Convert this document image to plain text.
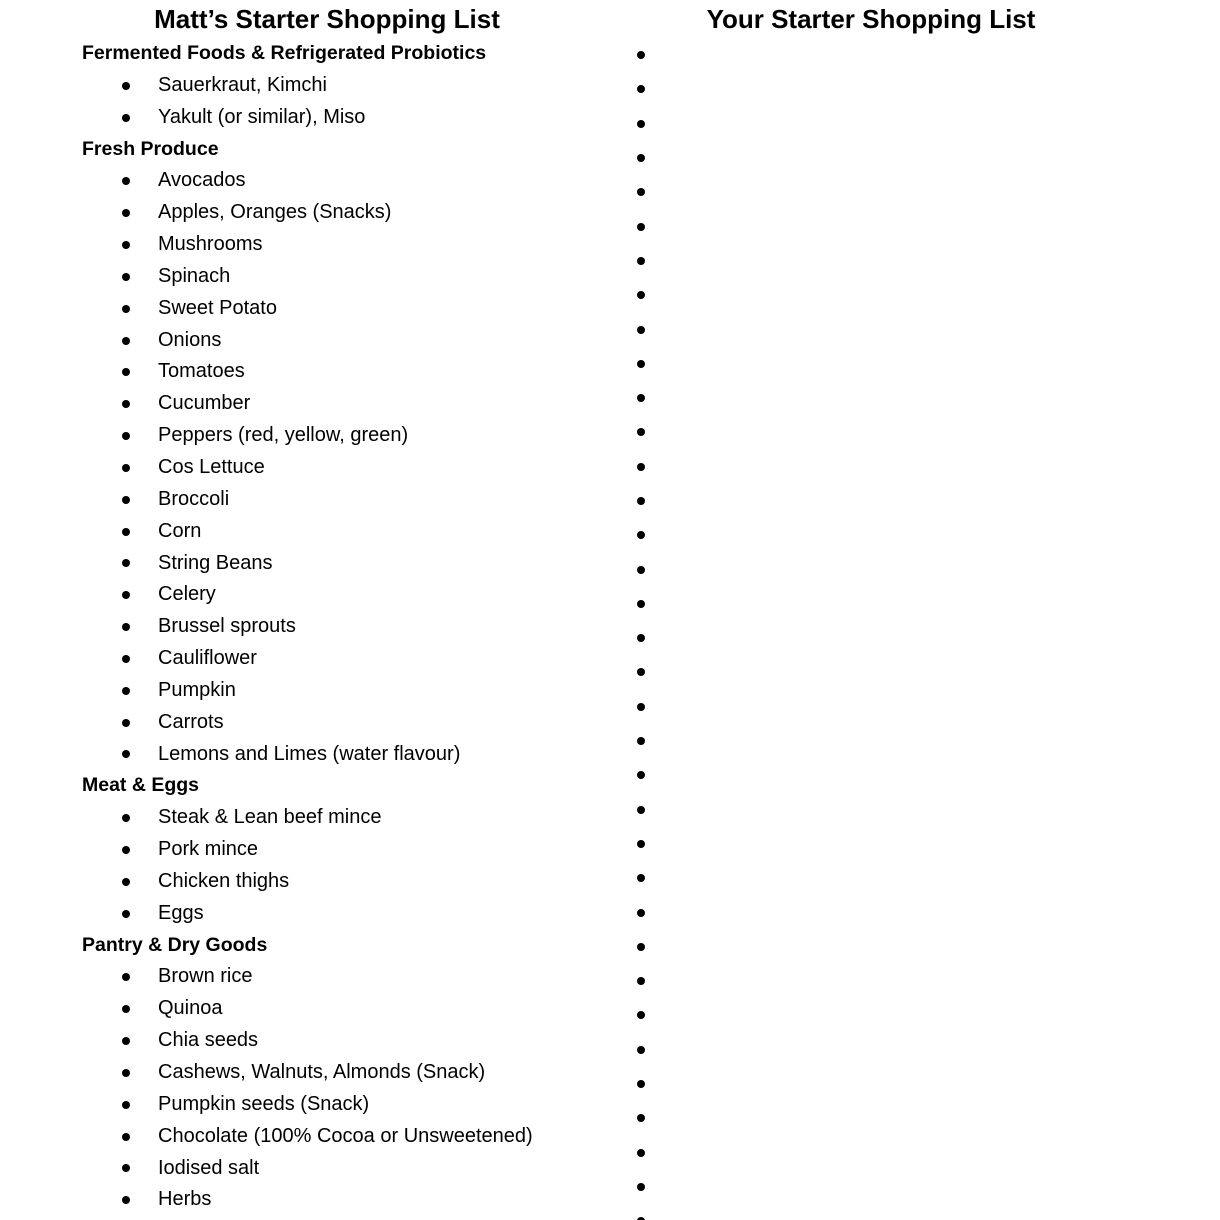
Matt’s Starter Shopping List
Fermented Foods & Refrigerated Probiotics
Sauerkraut, Kimchi
Yakult (or similar), Miso
Fresh Produce
Avocados
Apples, Oranges (Snacks)
Mushrooms
Spinach
Sweet Potato
Onions
Tomatoes
Cucumber
Peppers (red, yellow, green)
Cos Lettuce
Broccoli
Corn
String Beans
Celery
Brussel sprouts
Cauliflower
Pumpkin
Carrots
Lemons and Limes (water flavour)
Meat & Eggs
Steak & Lean beef mince
Pork mince
Chicken thighs
Eggs
Pantry & Dry Goods
Brown rice
Quinoa
Chia seeds
Cashews, Walnuts, Almonds (Snack)
Pumpkin seeds (Snack)
Chocolate (100% Cocoa or Unsweetened)
Iodised salt
Herbs
Your Starter Shopping List
